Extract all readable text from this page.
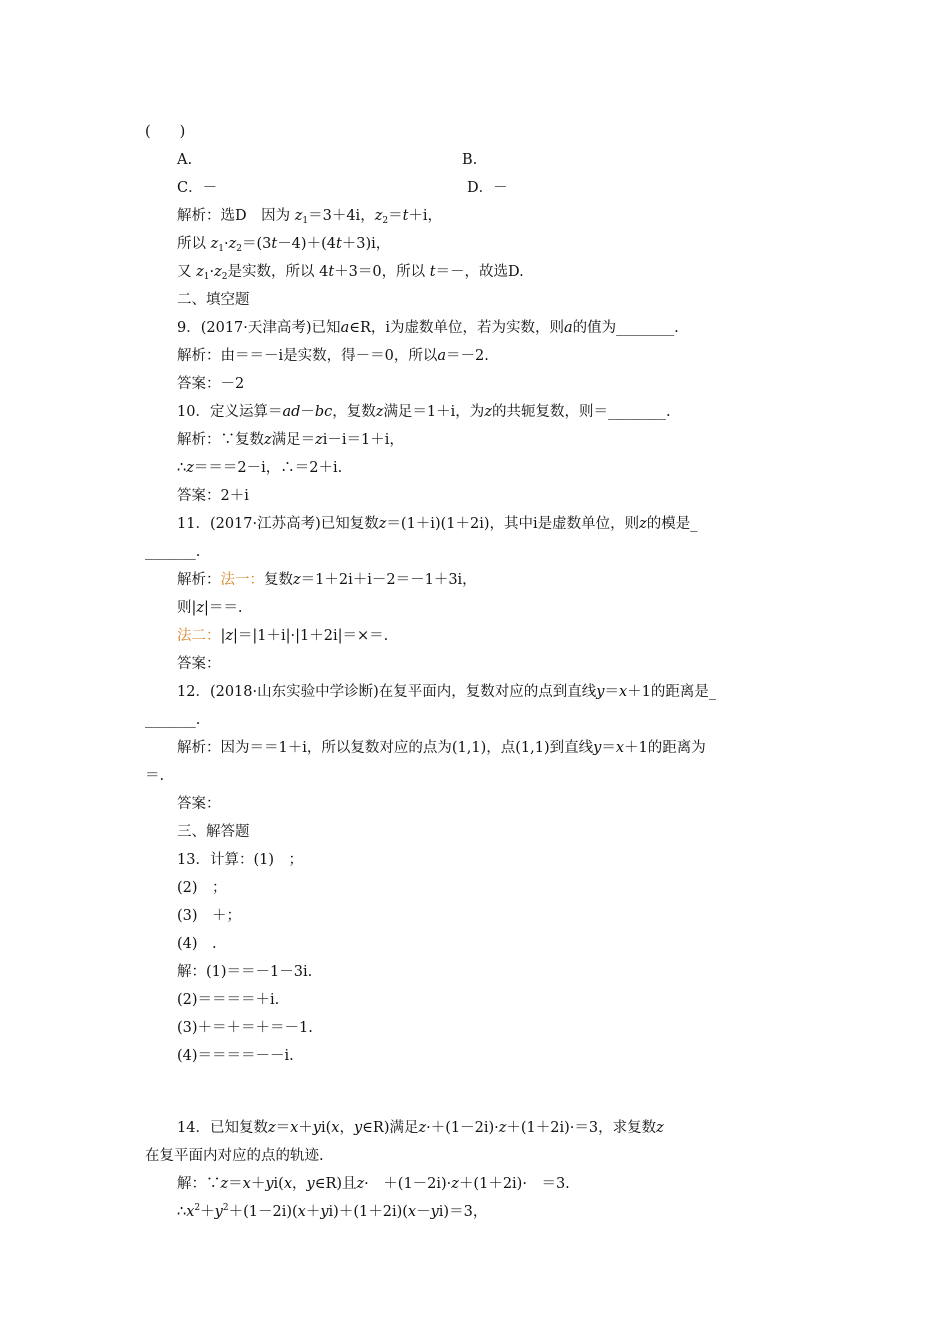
(　　)
A.	B.
C．－	D．－
解析：选D　因为 $z_1=3+4i$，$z_2=t+i$，
所以 $z_1\cdot z_2=(3t-4)+(4t+3)i$，
又 $z_1\cdot z_2$是实数，所以 4t＋3＝0，所以 t＝－，故选D.
二、填空题
9．(2017·天津高考)已知a∈R，i为虚数单位，若为实数，则a的值为________.
解析：由＝＝－i是实数，得－＝0，所以a＝－2.
答案：－2
10．定义运算＝ad－bc，复数z满足＝1＋i，为z的共轭复数，则＝________.
解析：∵复数z满足＝zi－i＝1＋i，
∴z＝＝＝2－i，∴＝2＋i.
答案：2＋i
11．(2017·江苏高考)已知复数z＝(1＋i)(1＋2i)，其中i是虚数单位，则z的模是_
_______.
解析：法一：复数z＝1＋2i＋i－2＝－1＋3i，
则|z|＝＝.
法二：|z|＝|1＋i|·|1＋2i|＝×＝.
答案：
12．(2018·山东实验中学诊断)在复平面内，复数对应的点到直线y＝x＋1的距离是_
_______.
解析：因为＝＝1＋i，所以复数对应的点为(1,1)，点(1,1)到直线y＝x＋1的距离为
＝.
答案：
三、解答题
13．计算：(1)　；
(2)　；
(3)　＋；
(4)　.
解：(1)＝＝－1－3i.
(2)＝＝＝＝＋i.
(3)＋＝＋＝＋＝－1.
(4)＝＝＝＝－－i.
14．已知复数z＝x＋yi(x，y∈R)满足z·＋(1－2i)·z＋(1＋2i)·＝3，求复数z
在复平面内对应的点的轨迹.
解：∵z＝x＋yi(x，y∈R)且z·　＋(1－2i)·z＋(1＋2i)·　＝3.
$\therefore x^2+y^2+(1-2i)(x+yi)+(1+2i)(x-yi)=3$，
